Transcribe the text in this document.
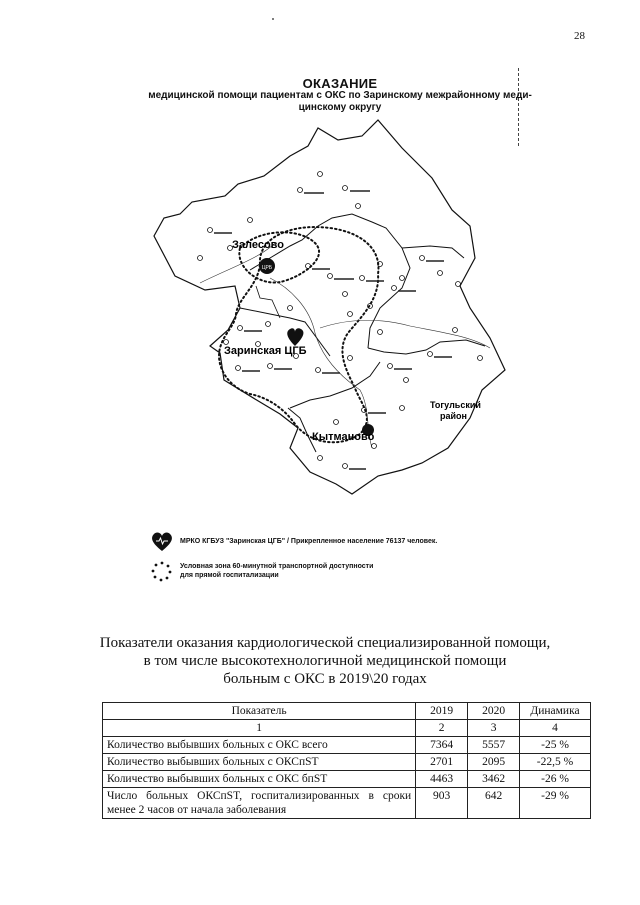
28
ОКАЗАНИЕ
медицинской помощи пациентам с ОКС по Заринскому межрайонному меди-
цинскому округу
ЦРБ
Залесово
Заринская ЦГБ
Кытманово
Тогульский
район
МРКО КГБУЗ "Заринская ЦГБ" / Прикрепленное население 76137 человек.
Условная зона 60-минутной транспортной доступности
для прямой госпитализации
Показатели оказания кардиологической специализированной помощи,
в том числе высокотехнологичной медицинской помощи
больным с ОКС в 2019\20 годах
Показатель	2019	2020	Динамика
1	2	3	4
Количество выбывших больных с ОКС всего	7364	5557	-25 %
Количество выбывших больных с ОКСпST	2701	2095	-22,5 %
Количество выбывших больных с ОКС бпST	4463	3462	-26 %
Число больных ОКСпST, госпитализированных в сроки менее 2 часов от начала заболевания	903	642	-29 %
